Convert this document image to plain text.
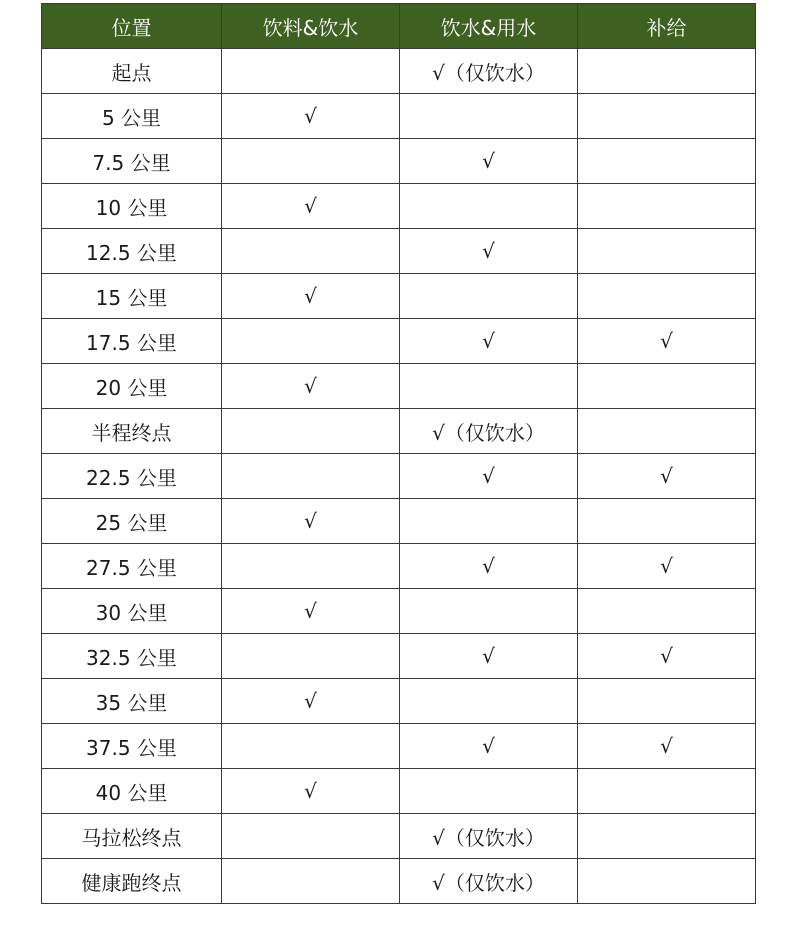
位置	饮料&饮水	饮水&用水	补给
起点		√（仅饮水）	
5 公里	√		
7.5 公里		√	
10 公里	√		
12.5 公里		√	
15 公里	√		
17.5 公里		√	√
20 公里	√		
半程终点		√（仅饮水）	
22.5 公里		√	√
25 公里	√		
27.5 公里		√	√
30 公里	√		
32.5 公里		√	√
35 公里	√		
37.5 公里		√	√
40 公里	√		
马拉松终点		√（仅饮水）	
健康跑终点		√（仅饮水）	
